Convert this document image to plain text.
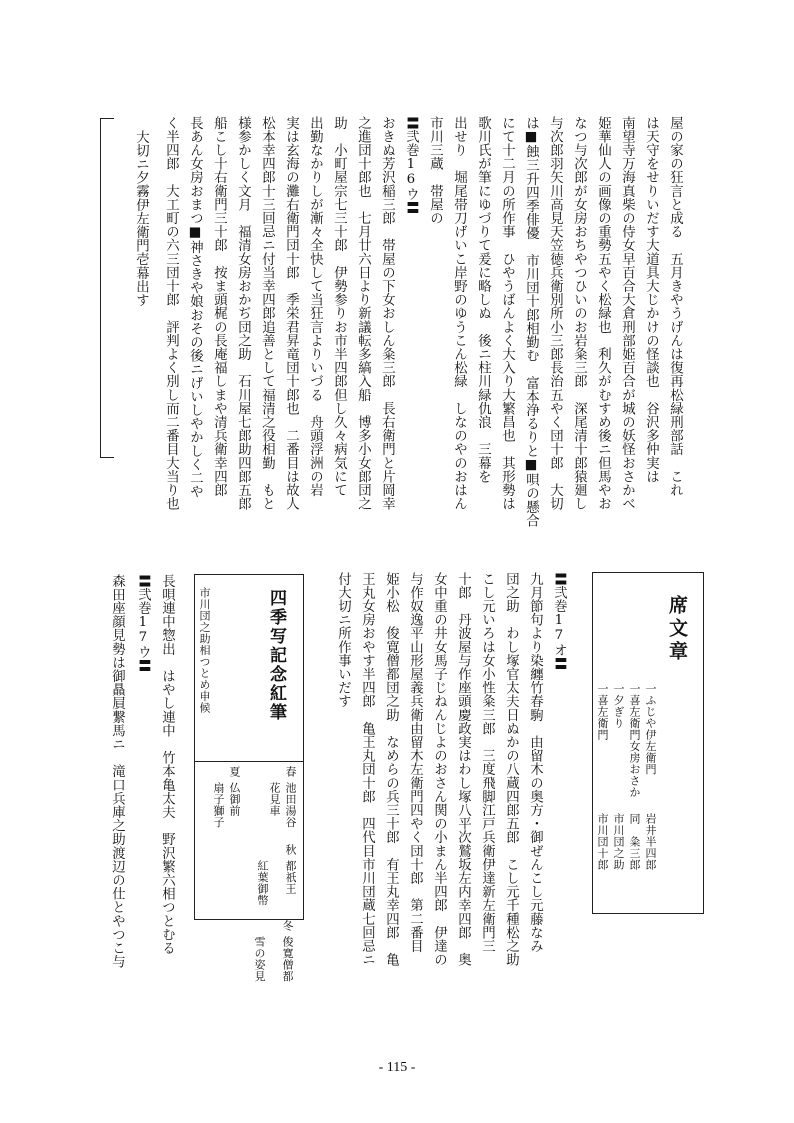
屋の家の狂言と成る　五月きやうげんは復再松緑刑部話　これ
は天守をせりいだす大道具大じかけの怪談也　谷沢多仲実は
南望寺万海真柴の侍女早百合大倉刑部姫百合が城の妖怪おさかべ
姫華仙人の画像の重勢五やく松緑也　利久がむすめ後ニ但馬やお
なつ与次郎が女房おちやつひいのお岩粂三郎　深尾清十郎猿廻し
与次郎羽矢川高見天笠徳兵衛別所小三郎長治五やく団十郎　大切
は■蝕三升四季俳優　市川団十郎相勤む　富本浄るりと■唄の懸合
にて十二月の所作事　ひやうばんよく大入り大繁昌也　其形勢は
歌川氏が筆にゆづりて爰に略しぬ　後ニ柱川緑仇浪　三幕を
出せり　堀尾帯刀げいこ岸野のゆうこん松緑　しなのやのおはん
市川三蔵　帯屋の
〓弐巻16ウ〓
おきぬ芳沢稲三郎　帯屋の下女おしん粂三郎　長右衛門と片岡幸
之進団十郎也　七月廿六日より新議転多縞入船　博多小女郎団之
助　小町屋宗七三十郎　伊勢参りお市半四郎但し久々病気にて
出勤なかりしが漸々全快して当狂言よりいづる　舟頭浮洲の岩
実は玄海の灘右衛門団十郎　季栄君昇竜団十郎也　二番目は故人
松本幸四郎十三回忌ニ付当幸四郎追善として福清之役相勤　もと
様参かしく文月　福清女房おかぢ団之助　石川屋七郎助四郎五郎
船こし十右衛門三十郎　按ま頭梶の長庵福しまや清兵衛幸四郎
長あん女房おまつ■神さきや娘おその後ニげいしやかしく二や
く半四郎　大工町の六三団十郎　評判よく別し而二番目大当り也
大切ニ夕霧伊左衛門壱幕出す
席文章
一ふじや伊左衛門
一喜左衛門女房おさか
一夕ぎり
一喜左衛門
岩井半四郎
同　粂三郎
市川団之助
市川団十郎
〓弐巻17オ〓
九月節句より染纏竹春駒　由留木の奥方・御ぜんこし元藤なみ
団之助　わし塚官太夫日ぬかの八蔵四郎五郎　こし元千種松之助
こし元いろは女小性粂三郎　三度飛脚江戸兵衛伊達新左衛門三
十郎　丹波屋与作座頭慶政実はわし塚八平次鷲坂左内幸四郎　奥
女中重の井女馬子じねんじよのおさん関の小まん半四郎　伊達の
与作奴逸平山形屋義兵衛由留木左衛門四やく団十郎　第二番目
姫小松　俊寛僧都団之助　なめらの兵三十郎　有王丸幸四郎　亀
王丸女房おやす半四郎　亀王丸団十郎　四代目市川団蔵七回忌ニ
付大切ニ所作事いだす
四季写記念紅筆
市川団之助相つとめ申候
春
池田湯谷
花見車
夏
仏御前
扇子獅子
秋
都祇王
紅葉御幣
冬
俊寛僧都
雪の姿見
長唄連中惣出　はやし連中　竹本亀太夫　野沢繁六相つとむる
〓弐巻17ウ〓
森田座顔見勢は御贔屓繋馬ニ　滝口兵庫之助渡辺の仕とやつこ与
- 115 -
